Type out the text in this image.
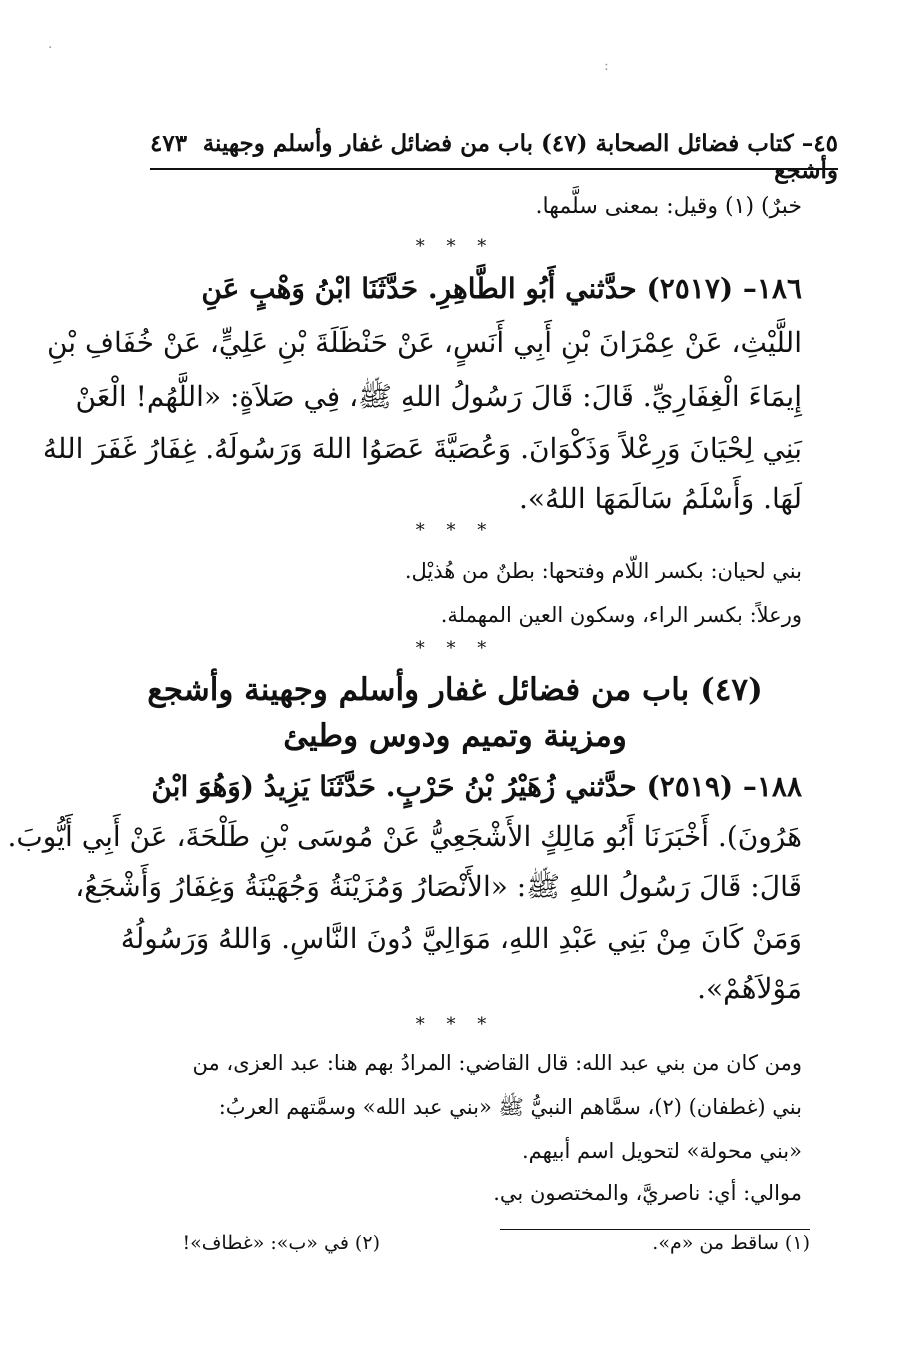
·
:
٤٥– كتاب فضائل الصحابة (٤٧) باب من فضائل غفار وأسلم وجهينة وأشجع
٤٧٣
خبرٌ) (١) وقيل: بمعنى سلَّمها.
* * *
١٨٦– (٢٥١٧) حدَّثني أَبُو الطَّاهِرِ. حَدَّثَنَا ابْنُ وَهْبٍ عَنِ
اللَّيْثِ، عَنْ عِمْرَانَ بْنِ أَبِي أَنَسٍ، عَنْ حَنْظَلَةَ بْنِ عَلِيٍّ، عَنْ خُفَافِ بْنِ
إِيمَاءَ الْغِفَارِيِّ. قَالَ: قَالَ رَسُولُ اللهِ ﷺ، فِي صَلاَةٍ: «اللَّهُم! الْعَنْ
بَنِي لِحْيَانَ وَرِعْلاً وَذَكْوَانَ. وَعُصَيَّةَ عَصَوُا اللهَ وَرَسُولَهُ. غِفَارُ غَفَرَ اللهُ
لَهَا. وَأَسْلَمُ سَالَمَهَا اللهُ».
* * *
بني لحيان: بكسر اللّام وفتحها: بطنٌ من هُذيْل.
ورعلاً: بكسر الراء، وسكون العين المهملة.
* * *
(٤٧) باب من فضائل غفار وأسلم وجهينة وأشجع
ومزينة وتميم ودوس وطيئ
١٨٨– (٢٥١٩) حدَّثني زُهَيْرُ بْنُ حَرْبٍ. حَدَّثَنَا يَزِيدُ (وَهُوَ ابْنُ
هَرُونَ). أَخْبَرَنَا أَبُو مَالِكٍ الأَشْجَعِيُّ عَنْ مُوسَى بْنِ طَلْحَةَ، عَنْ أَبِي أَيُّوبَ.
قَالَ: قَالَ رَسُولُ اللهِ ﷺ: «الأَنْصَارُ وَمُزَيْنَةُ وَجُهَيْنَةُ وَغِفَارُ وَأَشْجَعُ،
وَمَنْ كَانَ مِنْ بَنِي عَبْدِ اللهِ، مَوَالِيَّ دُونَ النَّاسِ. وَاللهُ وَرَسُولُهُ
مَوْلاَهُمْ».
* * *
ومن كان من بني عبد الله: قال القاضي: المرادُ بهم هنا: عبد العزى، من
بني (غطفان) (٢)، سمَّاهم النبيُّ ﷺ «بني عبد الله» وسمَّتهم العربُ:
«بني محولة» لتحويل اسم أبيهم.
موالي: أي: ناصريَّ، والمختصون بي.
(١) ساقط من «م».
(٢) في «ب»: «غطاف»!
